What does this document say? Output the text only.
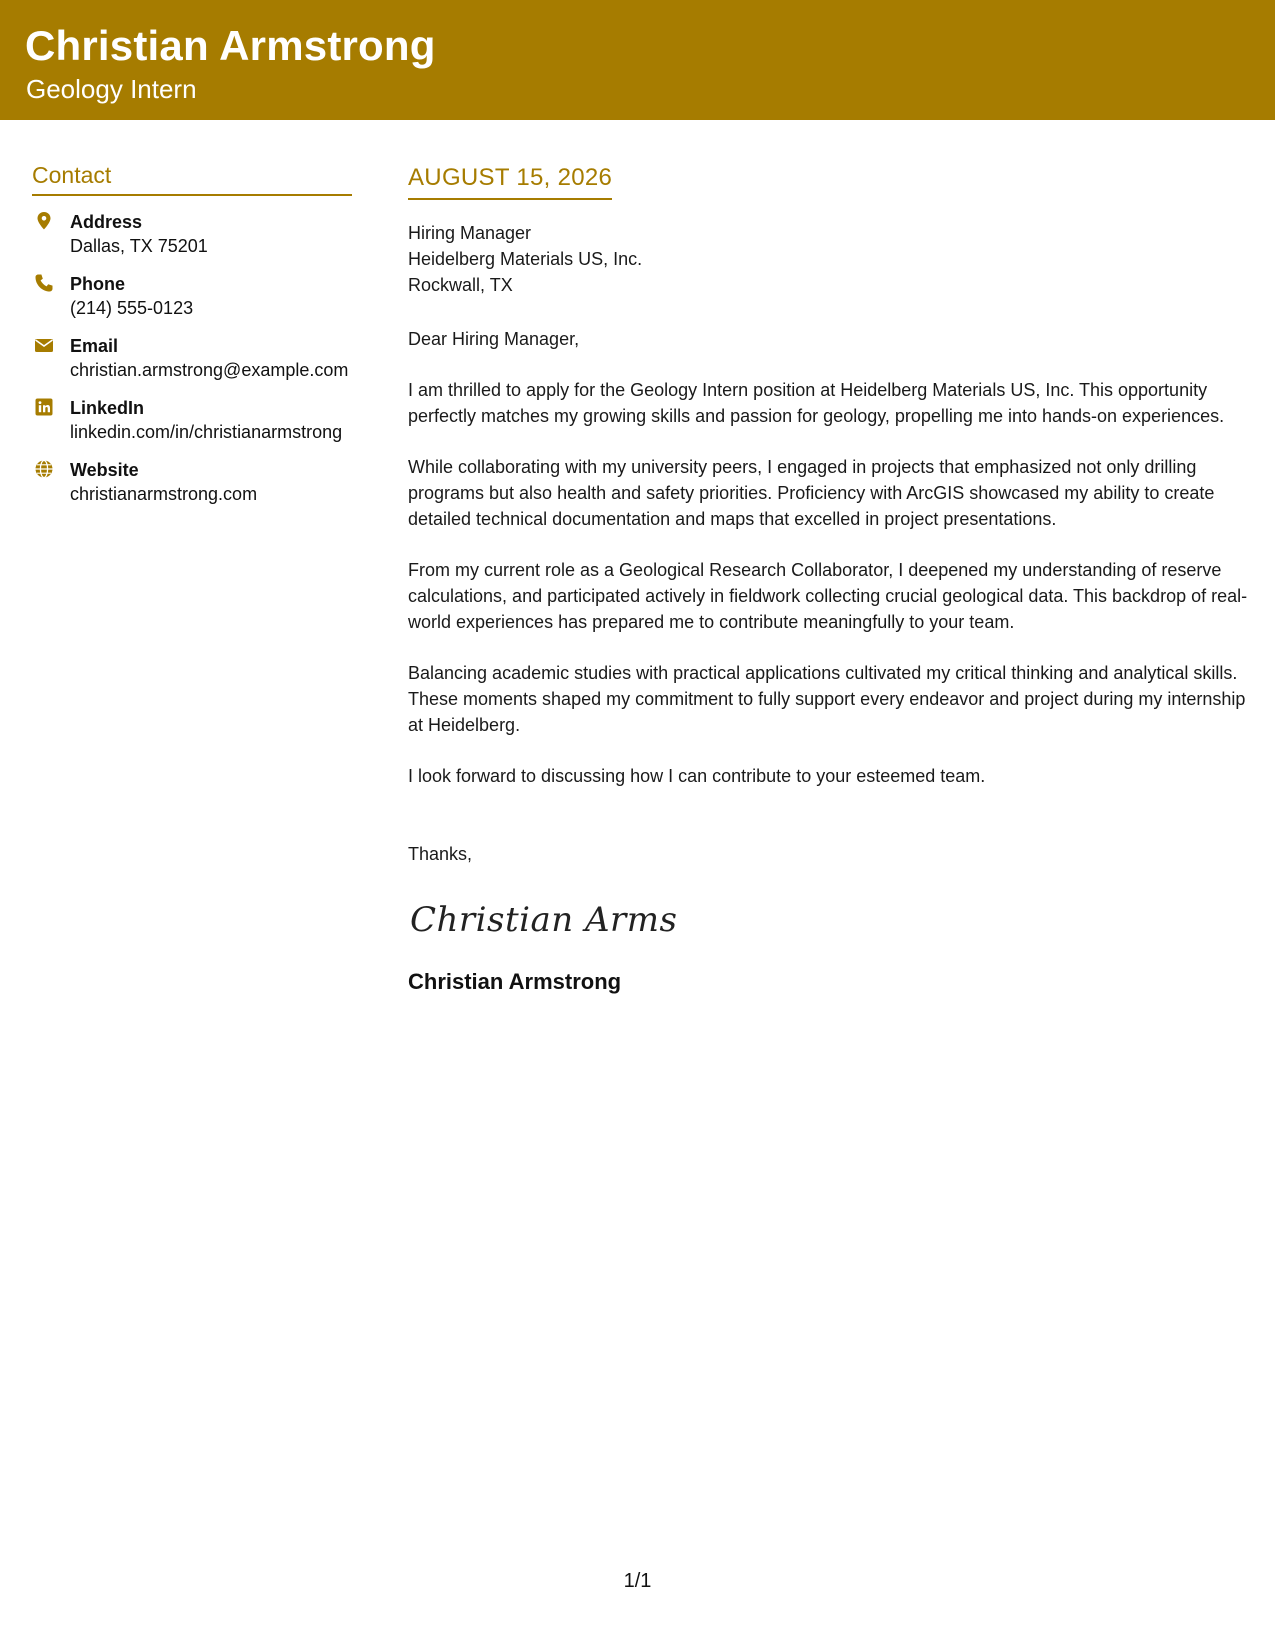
Christian Armstrong
Geology Intern
Contact
Address
Dallas, TX 75201
Phone
(214) 555-0123
Email
christian.armstrong@example.com
LinkedIn
linkedin.com/in/christianarmstrong
Website
christianarmstrong.com
AUGUST 15, 2026
Hiring Manager
Heidelberg Materials US, Inc.
Rockwall, TX

Dear Hiring Manager,

I am thrilled to apply for the Geology Intern position at Heidelberg Materials US, Inc. This opportunity perfectly matches my growing skills and passion for geology, propelling me into hands-on experiences.

While collaborating with my university peers, I engaged in projects that emphasized not only drilling programs but also health and safety priorities. Proficiency with ArcGIS showcased my ability to create detailed technical documentation and maps that excelled in project presentations.

From my current role as a Geological Research Collaborator, I deepened my understanding of reserve calculations, and participated actively in fieldwork collecting crucial geological data. This backdrop of real-world experiences has prepared me to contribute meaningfully to your team.

Balancing academic studies with practical applications cultivated my critical thinking and analytical skills. These moments shaped my commitment to fully support every endeavor and project during my internship at Heidelberg.

I look forward to discussing how I can contribute to your esteemed team.

Thanks,

Christian Armst
Christian Armstrong
1/1
